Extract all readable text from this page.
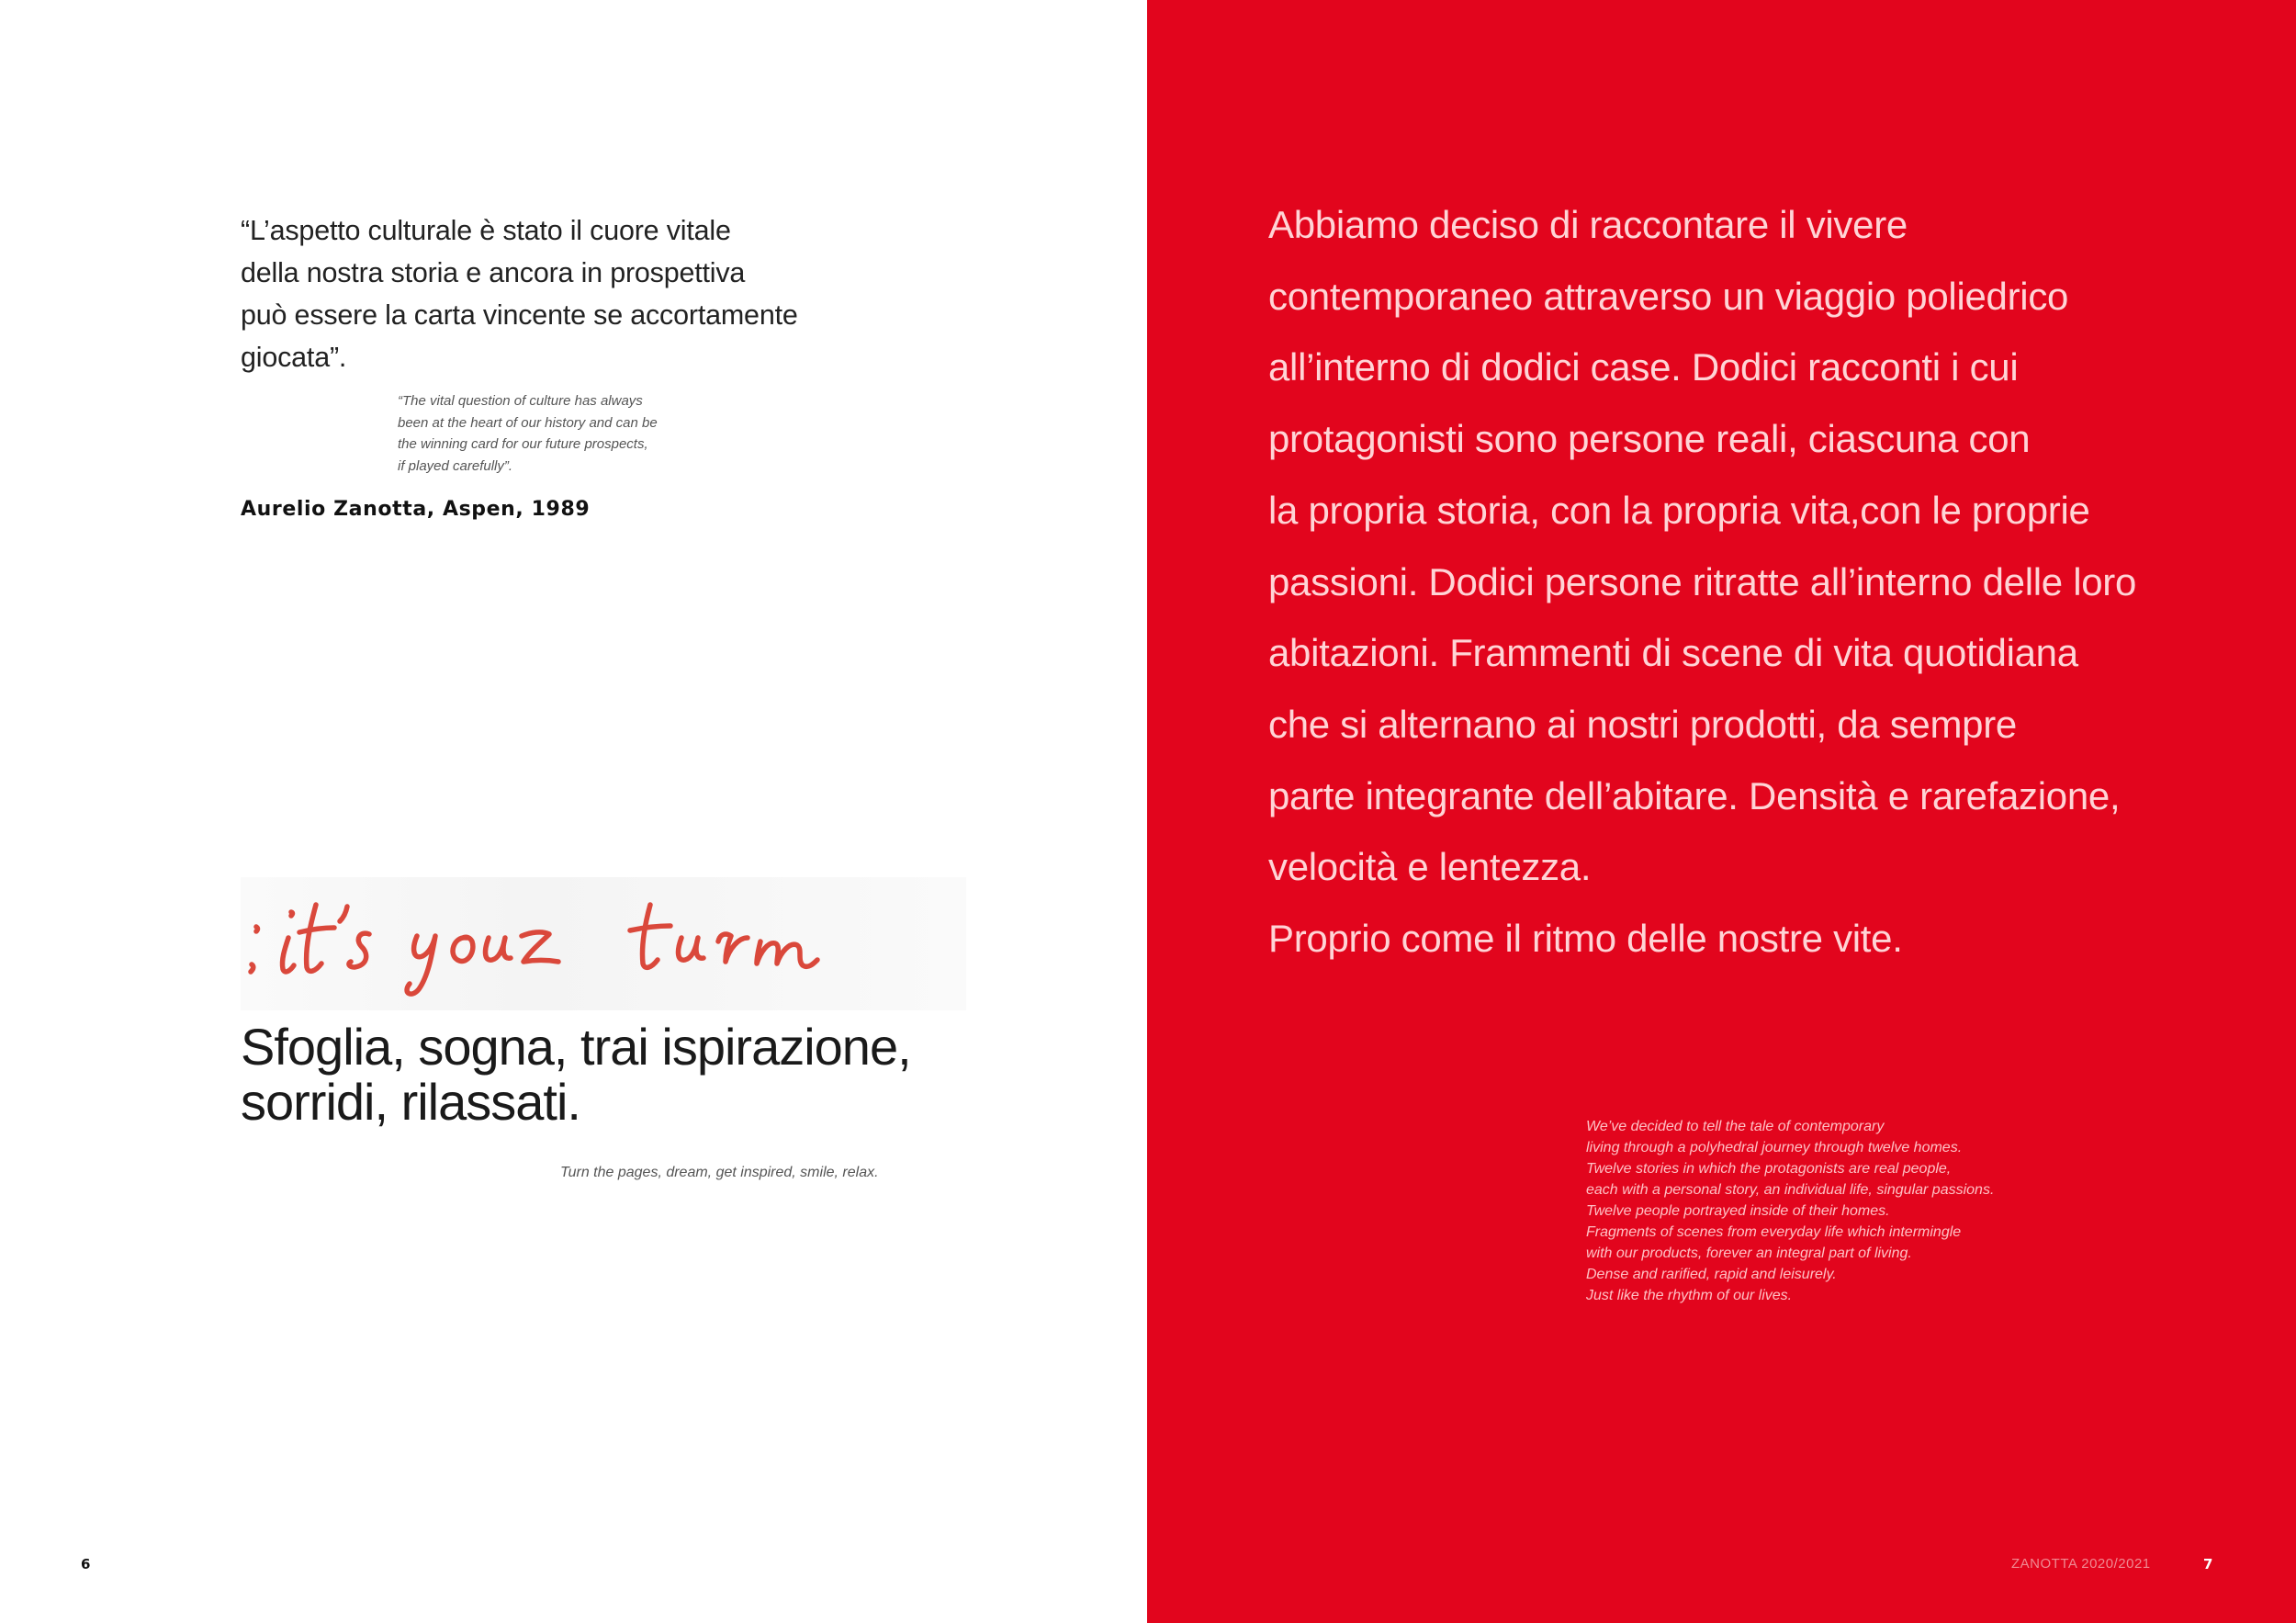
“L’aspetto culturale è stato il cuore vitale

della nostra storia e ancora in prospettiva

può essere la carta vincente se accortamente

giocata”.

“The vital question of culture has always

been at the heart of our history and can be

the winning card for our future prospects,

if played carefully”.

Aurelio Zanotta, Aspen, 1989
Sfoglia, sogna, trai ispirazione,
sorridi, rilassati.
Turn the pages, dream, get inspired, smile, relax.

Abbiamo deciso di raccontare il vivere

contemporaneo attraverso un viaggio poliedrico

all’interno di dodici case. Dodici racconti i cui

protagonisti sono persone reali, ciascuna con

la propria storia, con la propria vita,con le proprie

passioni. Dodici persone ritratte all’interno delle loro

abitazioni. Frammenti di scene di vita quotidiana

che si alternano ai nostri prodotti, da sempre

parte integrante dell’abitare. Densità e rarefazione,

velocità e lentezza.

Proprio come il ritmo delle nostre vite.

We’ve decided to tell the tale of contemporary

living through a polyhedral journey through twelve homes.

Twelve stories in which the protagonists are real people,

each with a personal story, an individual life, singular passions.

Twelve people portrayed inside of their homes.

Fragments of scenes from everyday life which intermingle

with our products, forever an integral part of living.

Dense and rarified, rapid and leisurely.

Just like the rhythm of our lives.

6	ZANOTTA 2020/2021	7
